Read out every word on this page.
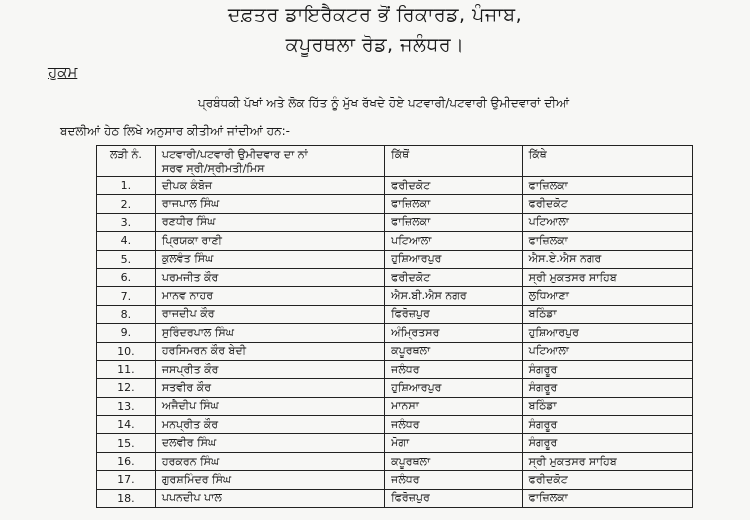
ਦਫ਼ਤਰ ਡਾਇਰੈਕਟਰ ਭੋਂ ਰਿਕਾਰਡ, ਪੰਜਾਬ,
ਕਪੂਰਥਲਾ ਰੋਡ, ਜਲੰਧਰ।
ਹੁਕਮ
ਪ੍ਰਬੰਧਕੀ ਪੱਖਾਂ ਅਤੇ ਲੋਕ ਹਿੱਤ ਨੂੰ ਮੁੱਖ ਰੱਖਦੇ ਹੋਏ ਪਟਵਾਰੀ/ਪਟਵਾਰੀ ਉਮੀਦਵਾਰਾਂ ਦੀਆਂ
ਬਦਲੀਆਂ ਹੇਠ ਲਿਖੇ ਅਨੁਸਾਰ ਕੀਤੀਆਂ ਜਾਂਦੀਆਂ ਹਨ:-
ਲੜੀ ਨੰ.	ਪਟਵਾਰੀ/ਪਟਵਾਰੀ ਉਮੀਦਵਾਰ ਦਾ ਨਾਂ
ਸਰਵ ਸ੍ਰੀ/ਸ੍ਰੀਮਤੀ/ਮਿਸ	ਕਿੱਥੋਂ	ਕਿੱਥੇ
1.	ਦੀਪਕ ਕੰਬੋਜ	ਫਰੀਦਕੋਟ	ਫਾਜ਼ਿਲਕਾ
2.	ਰਾਜਪਾਲ ਸਿੰਘ	ਫਾਜ਼ਿਲਕਾ	ਫਰੀਦਕੋਟ
3.	ਰਣਧੀਰ ਸਿੰਘ	ਫਾਜ਼ਿਲਕਾ	ਪਟਿਆਲਾ
4.	ਪ੍ਰਿਯਕਾ ਰਾਣੀ	ਪਟਿਆਲਾ	ਫਾਜ਼ਿਲਕਾ
5.	ਕੁਲਵੰਤ ਸਿੰਘ	ਹੁਸ਼ਿਆਰਪੁਰ	ਐਸ.ਏ.ਐਸ ਨਗਰ
6.	ਪਰਮਜੀਤ ਕੌਰ	ਫਰੀਦਕੋਟ	ਸ੍ਰੀ ਮੁਕਤਸਰ ਸਾਹਿਬ
7.	ਮਾਨਵ ਨਾਹਰ	ਐਸ.ਬੀ.ਐਸ ਨਗਰ	ਲੁਧਿਆਣਾ
8.	ਰਾਜਦੀਪ ਕੌਰ	ਫਿਰੋਜ਼ਪੁਰ	ਬਠਿੰਡਾ
9.	ਸੁਰਿੰਦਰਪਾਲ ਸਿੰਘ	ਅੰਮ੍ਰਿਤਸਰ	ਹੁਸ਼ਿਆਰਪੁਰ
10.	ਹਰਸਿਮਰਨ ਕੌਰ ਬੇਦੀ	ਕਪੂਰਥਲਾ	ਪਟਿਆਲਾ
11.	ਜਸਪ੍ਰੀਤ ਕੌਰ	ਜਲੰਧਰ	ਸੰਗਰੂਰ
12.	ਸਤਵੀਰ ਕੌਰ	ਹੁਸ਼ਿਆਰਪੁਰ	ਸੰਗਰੂਰ
13.	ਅਜੈਦੀਪ ਸਿੰਘ	ਮਾਨਸਾ	ਬਠਿੰਡਾ
14.	ਮਨਪ੍ਰੀਤ ਕੌਰ	ਜਲੰਧਰ	ਸੰਗਰੂਰ
15.	ਦਲਵੀਰ ਸਿੰਘ	ਮੋਗਾ	ਸੰਗਰੂਰ
16.	ਹਰਕਰਨ ਸਿੰਘ	ਕਪੂਰਥਲਾ	ਸ੍ਰੀ ਮੁਕਤਸਰ ਸਾਹਿਬ
17.	ਗੁਰਸ਼ਮਿੰਦਰ ਸਿੰਘ	ਜਲੰਧਰ	ਫਰੀਦਕੋਟ
18.	ਪਪਨਦੀਪ ਪਾਲ	ਫਿਰੋਜ਼ਪੁਰ	ਫਾਜ਼ਿਲਕਾ
